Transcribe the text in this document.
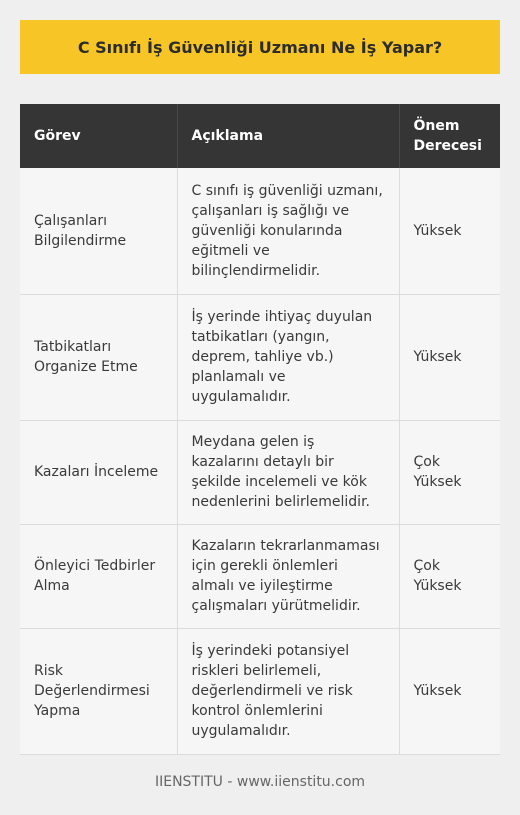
C Sınıfı İş Güvenliği Uzmanı Ne İş Yapar?
Görev	Açıklama	Önem Derecesi
Çalışanları Bilgilendirme	C sınıfı iş güvenliği uzmanı, çalışanları iş sağlığı ve güvenliği konularında eğitmeli ve bilinçlendirmelidir.	Yüksek
Tatbikatları Organize Etme	İş yerinde ihtiyaç duyulan tatbikatları (yangın, deprem, tahliye vb.) planlamalı ve uygulamalıdır.	Yüksek
Kazaları İnceleme	Meydana gelen iş kazalarını detaylı bir şekilde incelemeli ve kök nedenlerini belirlemelidir.	Çok Yüksek
Önleyici Tedbirler Alma	Kazaların tekrarlanmaması için gerekli önlemleri almalı ve iyileştirme çalışmaları yürütmelidir.	Çok Yüksek
Risk Değerlendirmesi Yapma	İş yerindeki potansiyel riskleri belirlemeli, değerlendirmeli ve risk kontrol önlemlerini uygulamalıdır.	Yüksek
IIENSTITU - www.iienstitu.com
